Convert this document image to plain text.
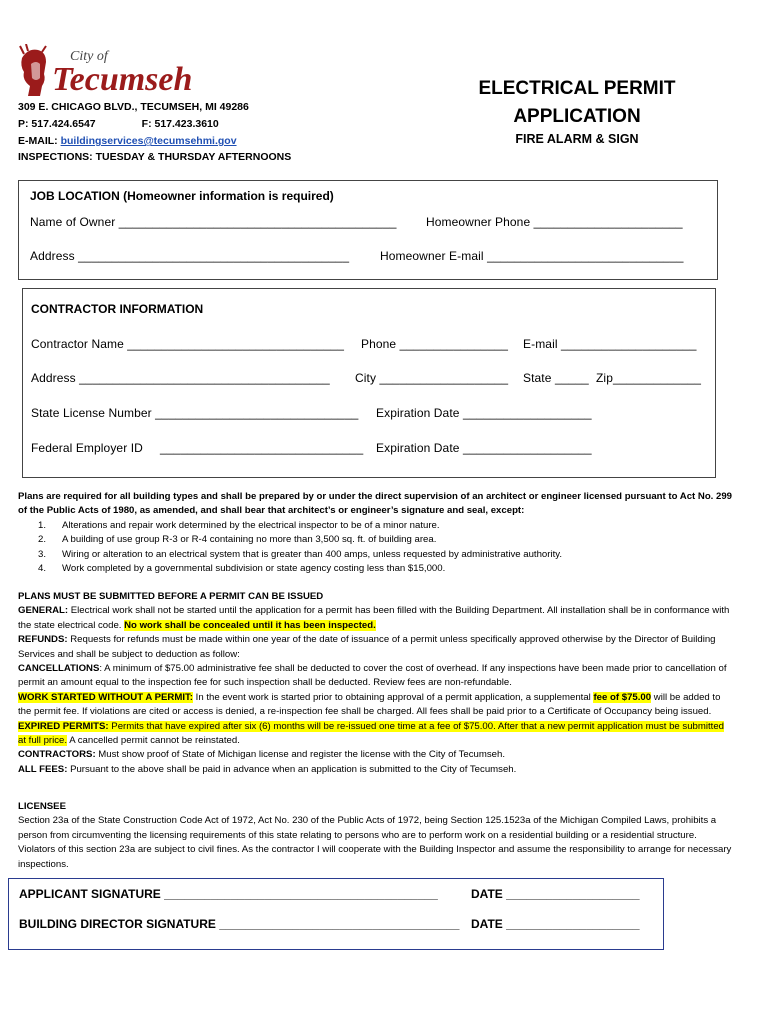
City of
Tecumseh
309 E. CHICAGO BLVD., TECUMSEH, MI 49286
P: 517.424.6547	F: 517.423.3610
E-MAIL: buildingservices@tecumsehmi.gov
INSPECTIONS: TUESDAY & THURSDAY AFTERNOONS
ELECTRICAL PERMIT
APPLICATION
FIRE ALARM & SIGN
JOB LOCATION (Homeowner information is required)
Name of Owner _________________________________________ Homeowner Phone ______________________
Address ________________________________________	Homeowner E-mail _____________________________
CONTRACTOR INFORMATION
Contractor Name ________________________________ Phone ________________ E-mail ____________________
Address _____________________________________ City ___________________ State _____ Zip_____________
State License Number ______________________________ Expiration Date ___________________
Federal Employer ID ______________________________ Expiration Date ___________________
Plans are required for all building types and shall be prepared by or under the direct supervision of an architect or engineer licensed pursuant to Act No. 299 of the Public Acts of 1980, as amended, and shall bear that architect’s or engineer’s signature and seal, except:
1. Alterations and repair work determined by the electrical inspector to be of a minor nature.
2. A building of use group R-3 or R-4 containing no more than 3,500 sq. ft. of building area.
3. Wiring or alteration to an electrical system that is greater than 400 amps, unless requested by administrative authority.
4. Work completed by a governmental subdivision or state agency costing less than $15,000.
PLANS MUST BE SUBMITTED BEFORE A PERMIT CAN BE ISSUED
GENERAL: Electrical work shall not be started until the application for a permit has been filled with the Building Department. All installation shall be in conformance with the state electrical code. No work shall be concealed until it has been inspected.
REFUNDS: Requests for refunds must be made within one year of the date of issuance of a permit unless specifically approved otherwise by the Director of Building Services and shall be subject to deduction as follow:
CANCELLATIONS: A minimum of $75.00 administrative fee shall be deducted to cover the cost of overhead. If any inspections have been made prior to cancellation of permit an amount equal to the inspection fee for such inspection shall be deducted. Review fees are non-refundable.
WORK STARTED WITHOUT A PERMIT: In the event work is started prior to obtaining approval of a permit application, a supplemental fee of $75.00 will be added to the permit fee. If violations are cited or access is denied, a re-inspection fee shall be charged. All fees shall be paid prior to a Certificate of Occupancy being issued.
EXPIRED PERMITS: Permits that have expired after six (6) months will be re-issued one time at a fee of $75.00. After that a new permit application must be submitted at full price. A cancelled permit cannot be reinstated.
CONTRACTORS: Must show proof of State of Michigan license and register the license with the City of Tecumseh.
ALL FEES: Pursuant to the above shall be paid in advance when an application is submitted to the City of Tecumseh.
LICENSEE
Section 23a of the State Construction Code Act of 1972, Act No. 230 of the Public Acts of 1972, being Section 125.1523a of the Michigan Compiled Laws, prohibits a person from circumventing the licensing requirements of this state relating to persons who are to perform work on a residential building or a residential structure. Violators of this section 23a are subject to civil fines. As the contractor I will cooperate with the Building Inspector and assume the responsibility to arrange for necessary inspections.
APPLICANT SIGNATURE _________________________________________	DATE ____________________
BUILDING DIRECTOR SIGNATURE ____________________________________ DATE ____________________
